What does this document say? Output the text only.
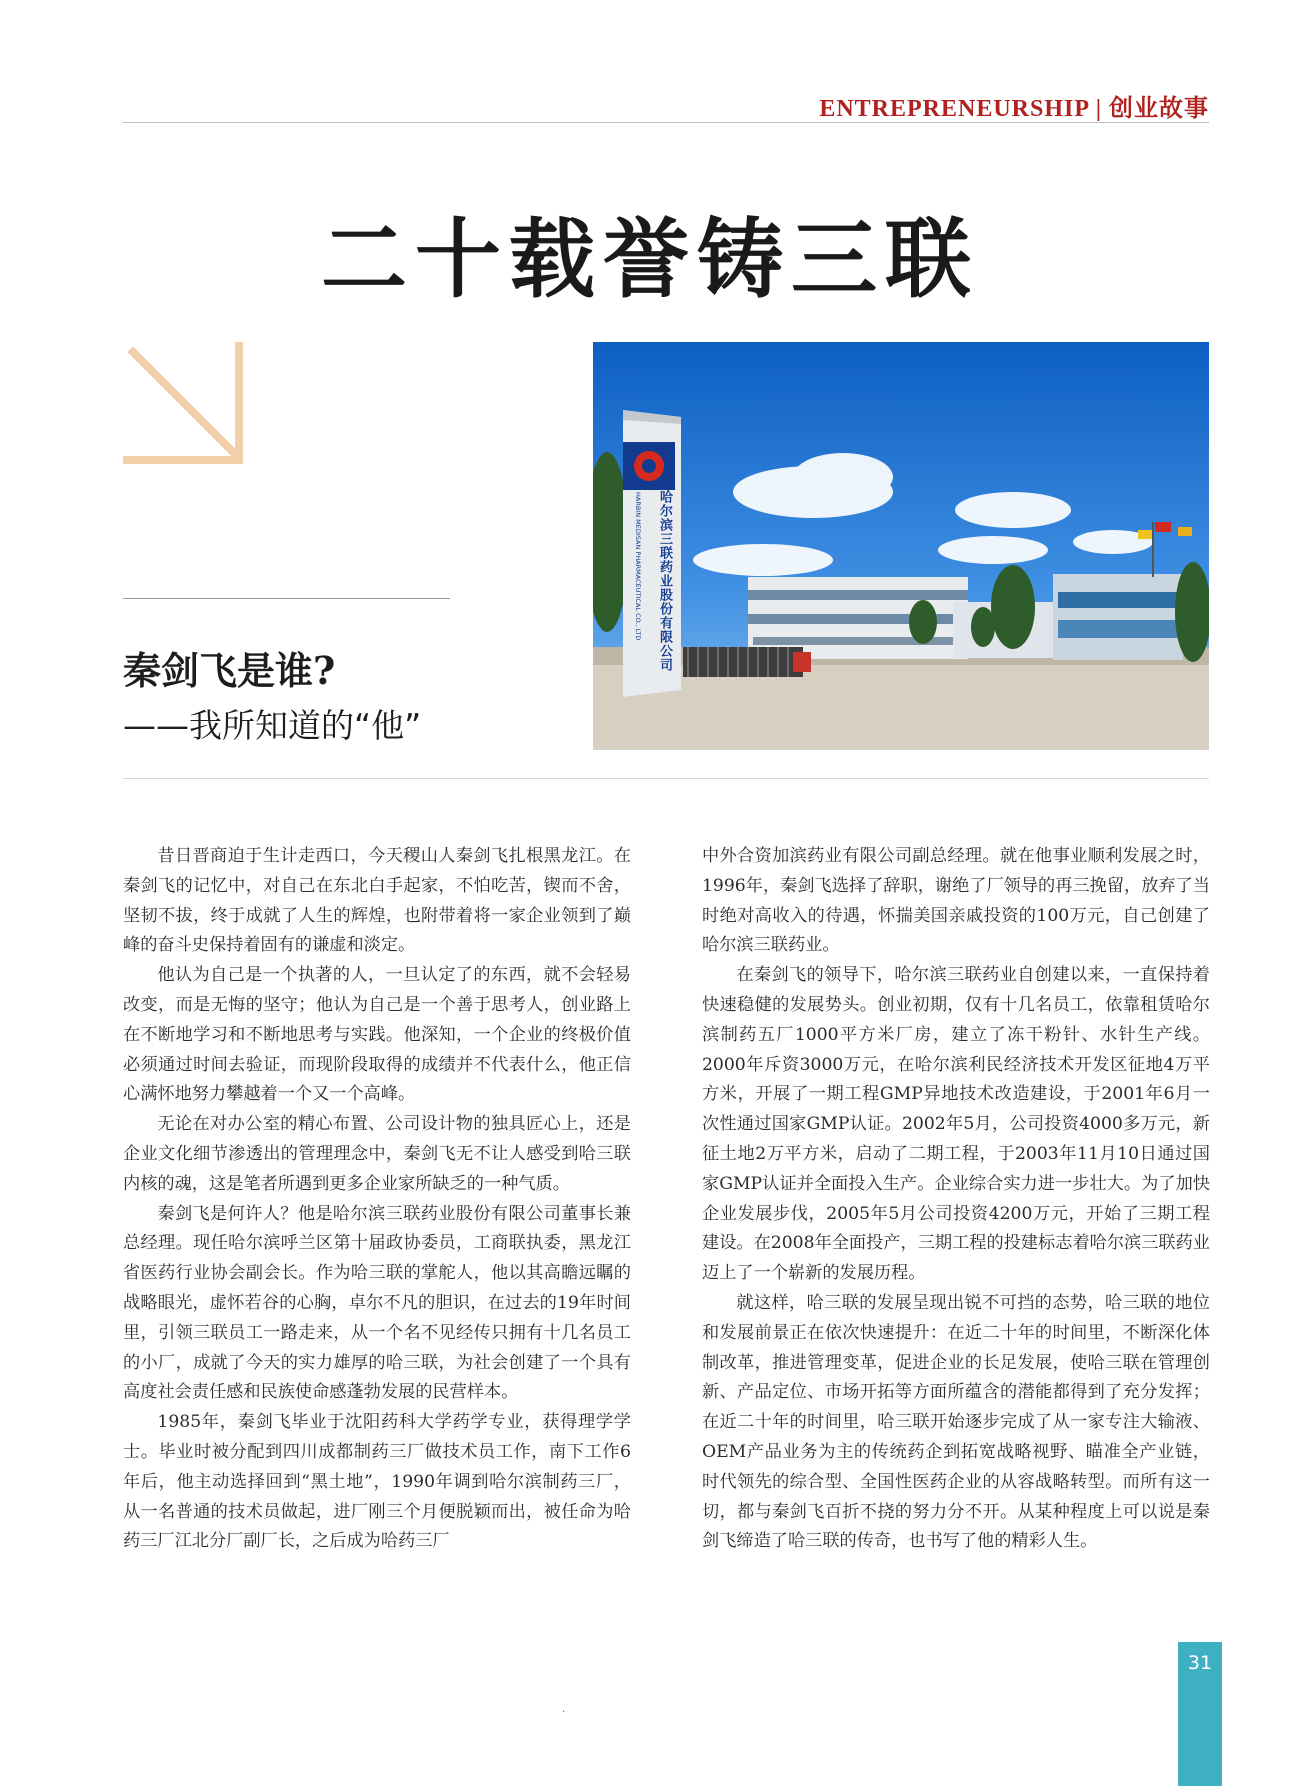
ENTREPRENEURSHIP | 创业故事
二十载誉铸三联
秦剑飞是谁?
——我所知道的“他”
哈尔滨三联药业股份有限公司
HARBIN MEDISAN PHARMACEUTICAL CO., LTD

昔日晋商迫于生计走西口，今天稷山人秦剑飞扎根黑龙江。在秦剑飞的记忆中，对自己在东北白手起家，不怕吃苦，锲而不舍，坚韧不拔，终于成就了人生的辉煌，也附带着将一家企业领到了巅峰的奋斗史保持着固有的谦虚和淡定。

他认为自己是一个执著的人，一旦认定了的东西，就不会轻易改变，而是无悔的坚守；他认为自己是一个善于思考人，创业路上在不断地学习和不断地思考与实践。他深知，一个企业的终极价值必须通过时间去验证，而现阶段取得的成绩并不代表什么，他正信心满怀地努力攀越着一个又一个高峰。

无论在对办公室的精心布置、公司设计物的独具匠心上，还是企业文化细节渗透出的管理理念中，秦剑飞无不让人感受到哈三联内核的魂，这是笔者所遇到更多企业家所缺乏的一种气质。

秦剑飞是何许人？他是哈尔滨三联药业股份有限公司董事长兼总经理。现任哈尔滨呼兰区第十届政协委员，工商联执委，黑龙江省医药行业协会副会长。作为哈三联的掌舵人，他以其高瞻远瞩的战略眼光，虚怀若谷的心胸，卓尔不凡的胆识，在过去的19年时间里，引领三联员工一路走来，从一个名不见经传只拥有十几名员工的小厂，成就了今天的实力雄厚的哈三联，为社会创建了一个具有高度社会责任感和民族使命感蓬勃发展的民营样本。

1985年，秦剑飞毕业于沈阳药科大学药学专业，获得理学学士。毕业时被分配到四川成都制药三厂做技术员工作，南下工作6年后，他主动选择回到“黑土地”，1990年调到哈尔滨制药三厂，从一名普通的技术员做起，进厂刚三个月便脱颖而出，被任命为哈药三厂江北分厂副厂长，之后成为哈药三厂

中外合资加滨药业有限公司副总经理。就在他事业顺利发展之时，1996年，秦剑飞选择了辞职，谢绝了厂领导的再三挽留，放弃了当时绝对高收入的待遇，怀揣美国亲戚投资的100万元，自己创建了哈尔滨三联药业。

在秦剑飞的领导下，哈尔滨三联药业自创建以来，一直保持着快速稳健的发展势头。创业初期，仅有十几名员工，依靠租赁哈尔滨制药五厂1000平方米厂房，建立了冻干粉针、水针生产线。2000年斥资3000万元，在哈尔滨利民经济技术开发区征地4万平方米，开展了一期工程GMP异地技术改造建设，于2001年6月一次性通过国家GMP认证。2002年5月，公司投资4000多万元，新征土地2万平方米，启动了二期工程，于2003年11月10日通过国家GMP认证并全面投入生产。企业综合实力进一步壮大。为了加快企业发展步伐，2005年5月公司投资4200万元，开始了三期工程建设。在2008年全面投产，三期工程的投建标志着哈尔滨三联药业迈上了一个崭新的发展历程。

就这样，哈三联的发展呈现出锐不可挡的态势，哈三联的地位和发展前景正在依次快速提升：在近二十年的时间里，不断深化体制改革，推进管理变革，促进企业的长足发展，使哈三联在管理创新、产品定位、市场开拓等方面所蕴含的潜能都得到了充分发挥；在近二十年的时间里，哈三联开始逐步完成了从一家专注大输液、OEM产品业务为主的传统药企到拓宽战略视野、瞄准全产业链，时代领先的综合型、全国性医药企业的从容战略转型。而所有这一切，都与秦剑飞百折不挠的努力分不开。从某种程度上可以说是秦剑飞缔造了哈三联的传奇，也书写了他的精彩人生。

.
31
